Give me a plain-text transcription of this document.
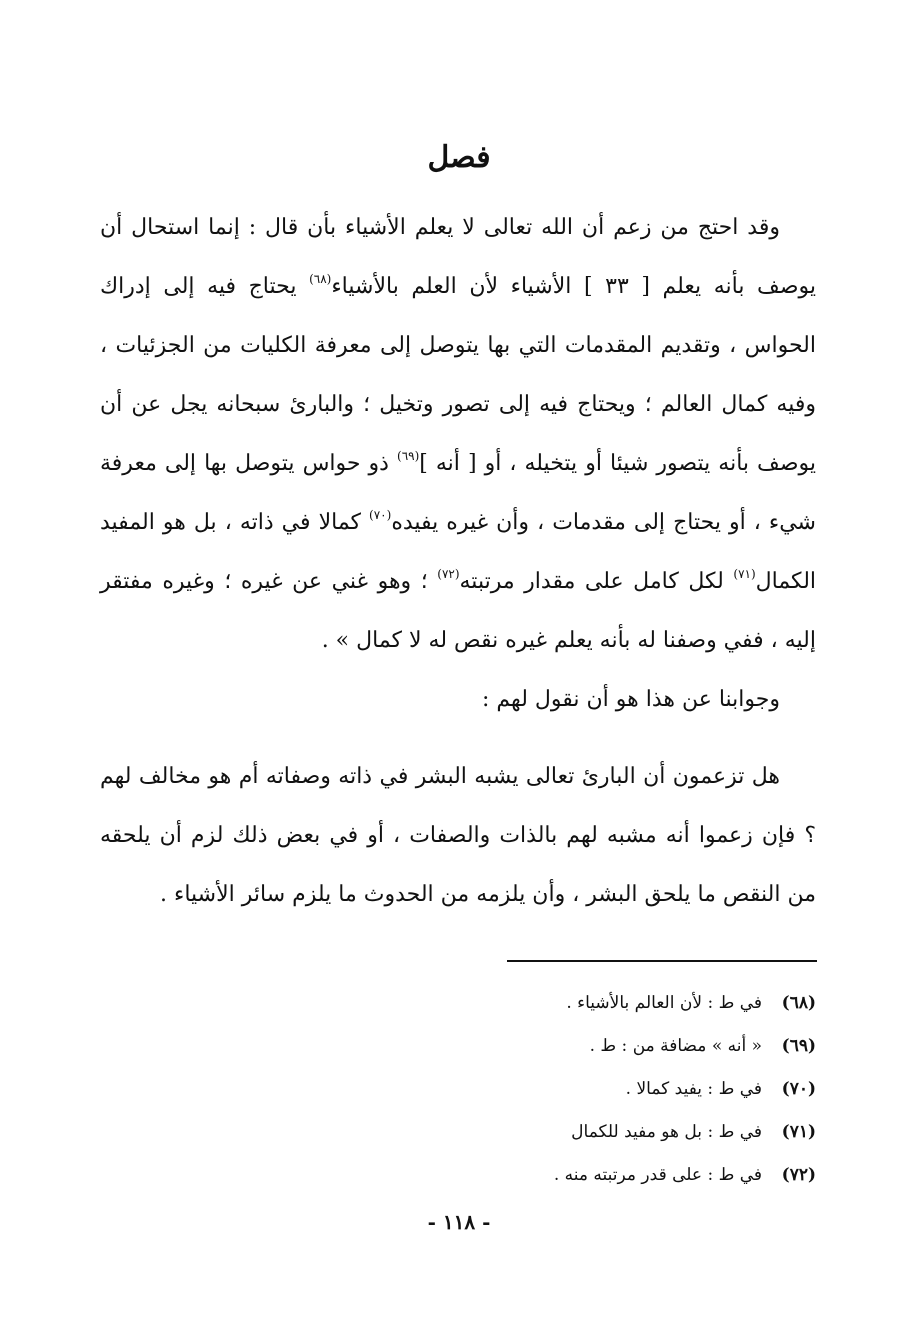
فصل

وقد احتج من زعم أن الله تعالى لا يعلم الأشياء بأن قال : إنما استحال أن يوصف بأنه يعلم [ ٣٣ ] الأشياء لأن العلم بالأشياء$^{(٦٨)}$ يحتاج فيه إلى إدراك الحواس ، وتقديم المقدمات التي بها يتوصل إلى معرفة الكليات من الجزئيات ، وفيه كمال العالم ؛ ويحتاج فيه إلى تصور وتخيل ؛ والبارئ سبحانه يجل عن أن يوصف بأنه يتصور شيئا أو يتخيله ، أو [ أنه ]$^{(٦٩)}$ ذو حواس يتوصل بها إلى معرفة شيء ، أو يحتاج إلى مقدمات ، وأن غيره يفيده$^{(٧٠)}$ كمالا في ذاته ، بل هو المفيد الكمال$^{(٧١)}$ لكل كامل على مقدار مرتبته$^{(٧٢)}$ ؛ وهو غني عن غيره ؛ وغيره مفتقر إليه ، ففي وصفنا له بأنه يعلم غيره نقص له لا كمال » .

وجوابنا عن هذا هو أن نقول لهم :

هل تزعمون أن البارئ تعالى يشبه البشر في ذاته وصفاته أم هو مخالف لهم ؟ فإن زعموا أنه مشبه لهم بالذات والصفات ، أو في بعض ذلك لزم أن يلحقه من النقص ما يلحق البشر ، وأن يلزمه من الحدوث ما يلزم سائر الأشياء .

(٦٨)
في ط : لأن العالم بالأشياء .
(٦٩)
« أنه » مضافة من : ط .
(٧٠)
في ط : يفيد كمالا .
(٧١)
في ط : بل هو مفيد للكمال
(٧٢)
في ط : على قدر مرتبته منه .
- ١١٨ -
